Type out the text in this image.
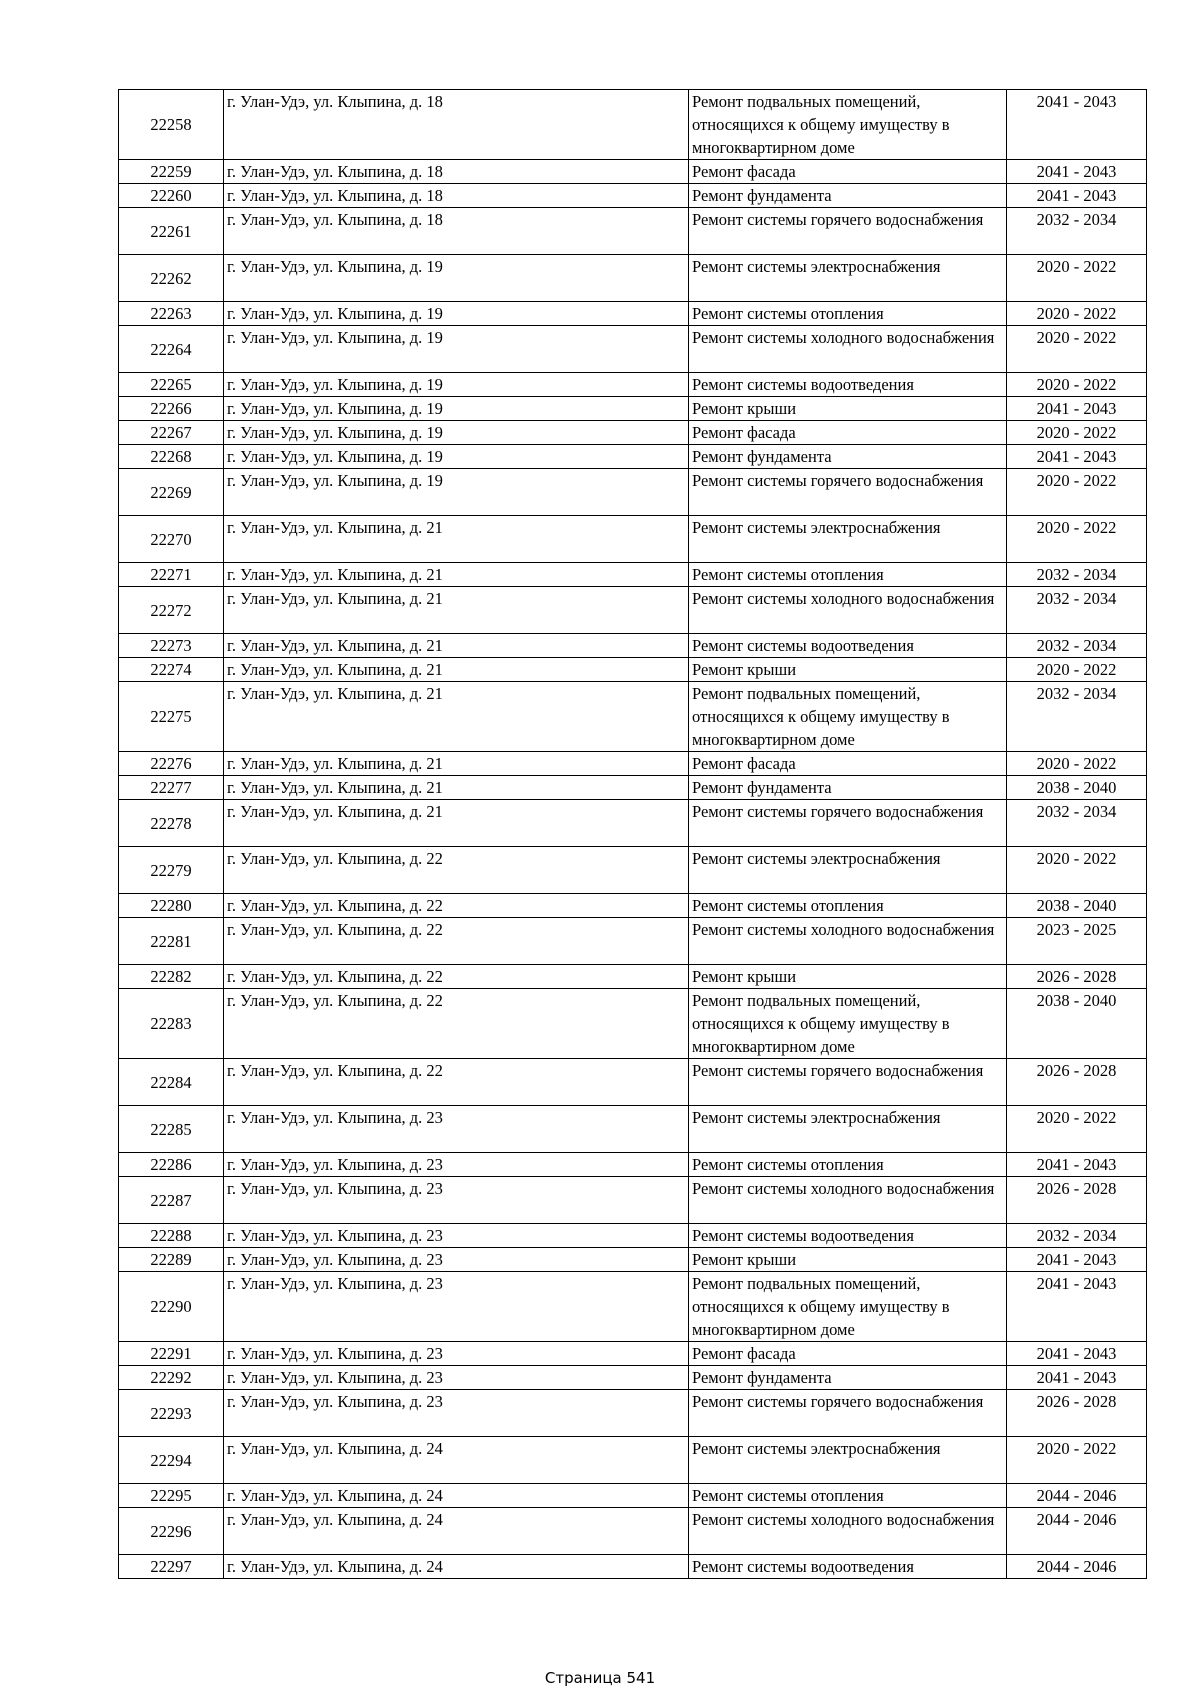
22258	г. Улан-Удэ, ул. Клыпина, д. 18	Ремонт подвальных помещений, относящихся к общему имуществу в многоквартирном доме	2041 - 2043
22259	г. Улан-Удэ, ул. Клыпина, д. 18	Ремонт фасада	2041 - 2043
22260	г. Улан-Удэ, ул. Клыпина, д. 18	Ремонт фундамента	2041 - 2043
22261	г. Улан-Удэ, ул. Клыпина, д. 18	Ремонт системы горячего водоснабжения	2032 - 2034
22262	г. Улан-Удэ, ул. Клыпина, д. 19	Ремонт системы электроснабжения	2020 - 2022
22263	г. Улан-Удэ, ул. Клыпина, д. 19	Ремонт системы отопления	2020 - 2022
22264	г. Улан-Удэ, ул. Клыпина, д. 19	Ремонт системы холодного водоснабжения	2020 - 2022
22265	г. Улан-Удэ, ул. Клыпина, д. 19	Ремонт системы водоотведения	2020 - 2022
22266	г. Улан-Удэ, ул. Клыпина, д. 19	Ремонт крыши	2041 - 2043
22267	г. Улан-Удэ, ул. Клыпина, д. 19	Ремонт фасада	2020 - 2022
22268	г. Улан-Удэ, ул. Клыпина, д. 19	Ремонт фундамента	2041 - 2043
22269	г. Улан-Удэ, ул. Клыпина, д. 19	Ремонт системы горячего водоснабжения	2020 - 2022
22270	г. Улан-Удэ, ул. Клыпина, д. 21	Ремонт системы электроснабжения	2020 - 2022
22271	г. Улан-Удэ, ул. Клыпина, д. 21	Ремонт системы отопления	2032 - 2034
22272	г. Улан-Удэ, ул. Клыпина, д. 21	Ремонт системы холодного водоснабжения	2032 - 2034
22273	г. Улан-Удэ, ул. Клыпина, д. 21	Ремонт системы водоотведения	2032 - 2034
22274	г. Улан-Удэ, ул. Клыпина, д. 21	Ремонт крыши	2020 - 2022
22275	г. Улан-Удэ, ул. Клыпина, д. 21	Ремонт подвальных помещений, относящихся к общему имуществу в многоквартирном доме	2032 - 2034
22276	г. Улан-Удэ, ул. Клыпина, д. 21	Ремонт фасада	2020 - 2022
22277	г. Улан-Удэ, ул. Клыпина, д. 21	Ремонт фундамента	2038 - 2040
22278	г. Улан-Удэ, ул. Клыпина, д. 21	Ремонт системы горячего водоснабжения	2032 - 2034
22279	г. Улан-Удэ, ул. Клыпина, д. 22	Ремонт системы электроснабжения	2020 - 2022
22280	г. Улан-Удэ, ул. Клыпина, д. 22	Ремонт системы отопления	2038 - 2040
22281	г. Улан-Удэ, ул. Клыпина, д. 22	Ремонт системы холодного водоснабжения	2023 - 2025
22282	г. Улан-Удэ, ул. Клыпина, д. 22	Ремонт крыши	2026 - 2028
22283	г. Улан-Удэ, ул. Клыпина, д. 22	Ремонт подвальных помещений, относящихся к общему имуществу в многоквартирном доме	2038 - 2040
22284	г. Улан-Удэ, ул. Клыпина, д. 22	Ремонт системы горячего водоснабжения	2026 - 2028
22285	г. Улан-Удэ, ул. Клыпина, д. 23	Ремонт системы электроснабжения	2020 - 2022
22286	г. Улан-Удэ, ул. Клыпина, д. 23	Ремонт системы отопления	2041 - 2043
22287	г. Улан-Удэ, ул. Клыпина, д. 23	Ремонт системы холодного водоснабжения	2026 - 2028
22288	г. Улан-Удэ, ул. Клыпина, д. 23	Ремонт системы водоотведения	2032 - 2034
22289	г. Улан-Удэ, ул. Клыпина, д. 23	Ремонт крыши	2041 - 2043
22290	г. Улан-Удэ, ул. Клыпина, д. 23	Ремонт подвальных помещений, относящихся к общему имуществу в многоквартирном доме	2041 - 2043
22291	г. Улан-Удэ, ул. Клыпина, д. 23	Ремонт фасада	2041 - 2043
22292	г. Улан-Удэ, ул. Клыпина, д. 23	Ремонт фундамента	2041 - 2043
22293	г. Улан-Удэ, ул. Клыпина, д. 23	Ремонт системы горячего водоснабжения	2026 - 2028
22294	г. Улан-Удэ, ул. Клыпина, д. 24	Ремонт системы электроснабжения	2020 - 2022
22295	г. Улан-Удэ, ул. Клыпина, д. 24	Ремонт системы отопления	2044 - 2046
22296	г. Улан-Удэ, ул. Клыпина, д. 24	Ремонт системы холодного водоснабжения	2044 - 2046
22297	г. Улан-Удэ, ул. Клыпина, д. 24	Ремонт системы водоотведения	2044 - 2046
Страница 541
